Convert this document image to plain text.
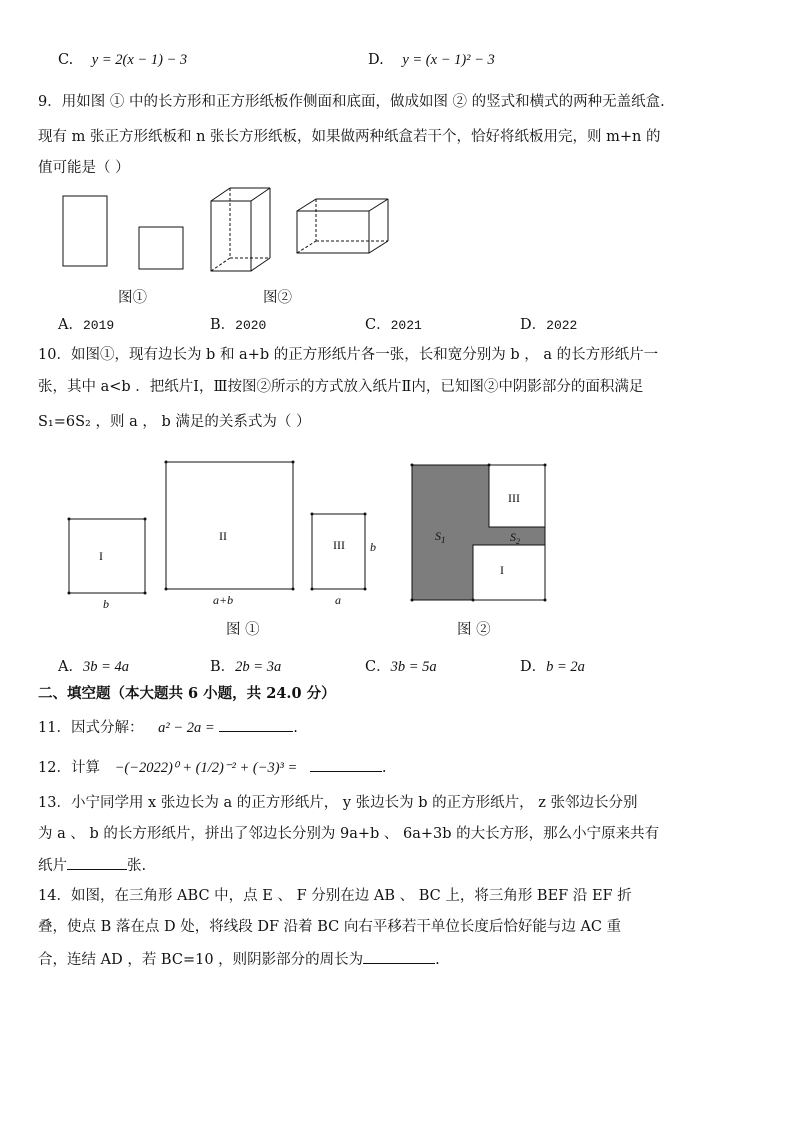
C. y = 2(x − 1) − 3	D. y = (x − 1)² − 3
9．用如图 ① 中的长方形和正方形纸板作侧面和底面，做成如图 ② 的竖式和横式的两种无盖纸盒.
现有 m 张正方形纸板和 n 张长方形纸板，如果做两种纸盒若干个，恰好将纸板用完，则 m+n 的
值可能是（ ）
图①	图②
A．2019	B．2020	C．2021	D．2022
10．如图①，现有边长为 b 和 a+b 的正方形纸片各一张，长和宽分别为 b ， a 的长方形纸片一
张，其中 a<b ．把纸片Ⅰ，Ⅲ按图②所示的方式放入纸片Ⅱ内，已知图②中阴影部分的面积满足
S₁=6S₂ ，则 a ， b 满足的关系式为（ ）
I
II
III
b	a+b	a
b
III
I
$S_1$	$S_2$
图 ①	图 ②
A．3b = 4a	B．2b = 3a	C．3b = 5a	D．b = 2a
二、填空题（本大题共 6 小题，共 24.0 分）
11．因式分解： a² − 2a =	.
12．计算 −(−2022)⁰ + (1/2)⁻² + (−3)³ =	.
13．小宁同学用 x 张边长为 a 的正方形纸片， y 张边长为 b 的正方形纸片， z 张邻边长分别
为 a 、 b 的长方形纸片，拼出了邻边长分别为 9a+b 、 6a+3b 的大长方形，那么小宁原来共有
纸片	张.
14．如图，在三角形 ABC 中，点 E 、 F 分别在边 AB 、 BC 上，将三角形 BEF 沿 EF 折
叠，使点 B 落在点 D 处，将线段 DF 沿着 BC 向右平移若干单位长度后恰好能与边 AC 重
合，连结 AD ，若 BC=10 ，则阴影部分的周长为	.
